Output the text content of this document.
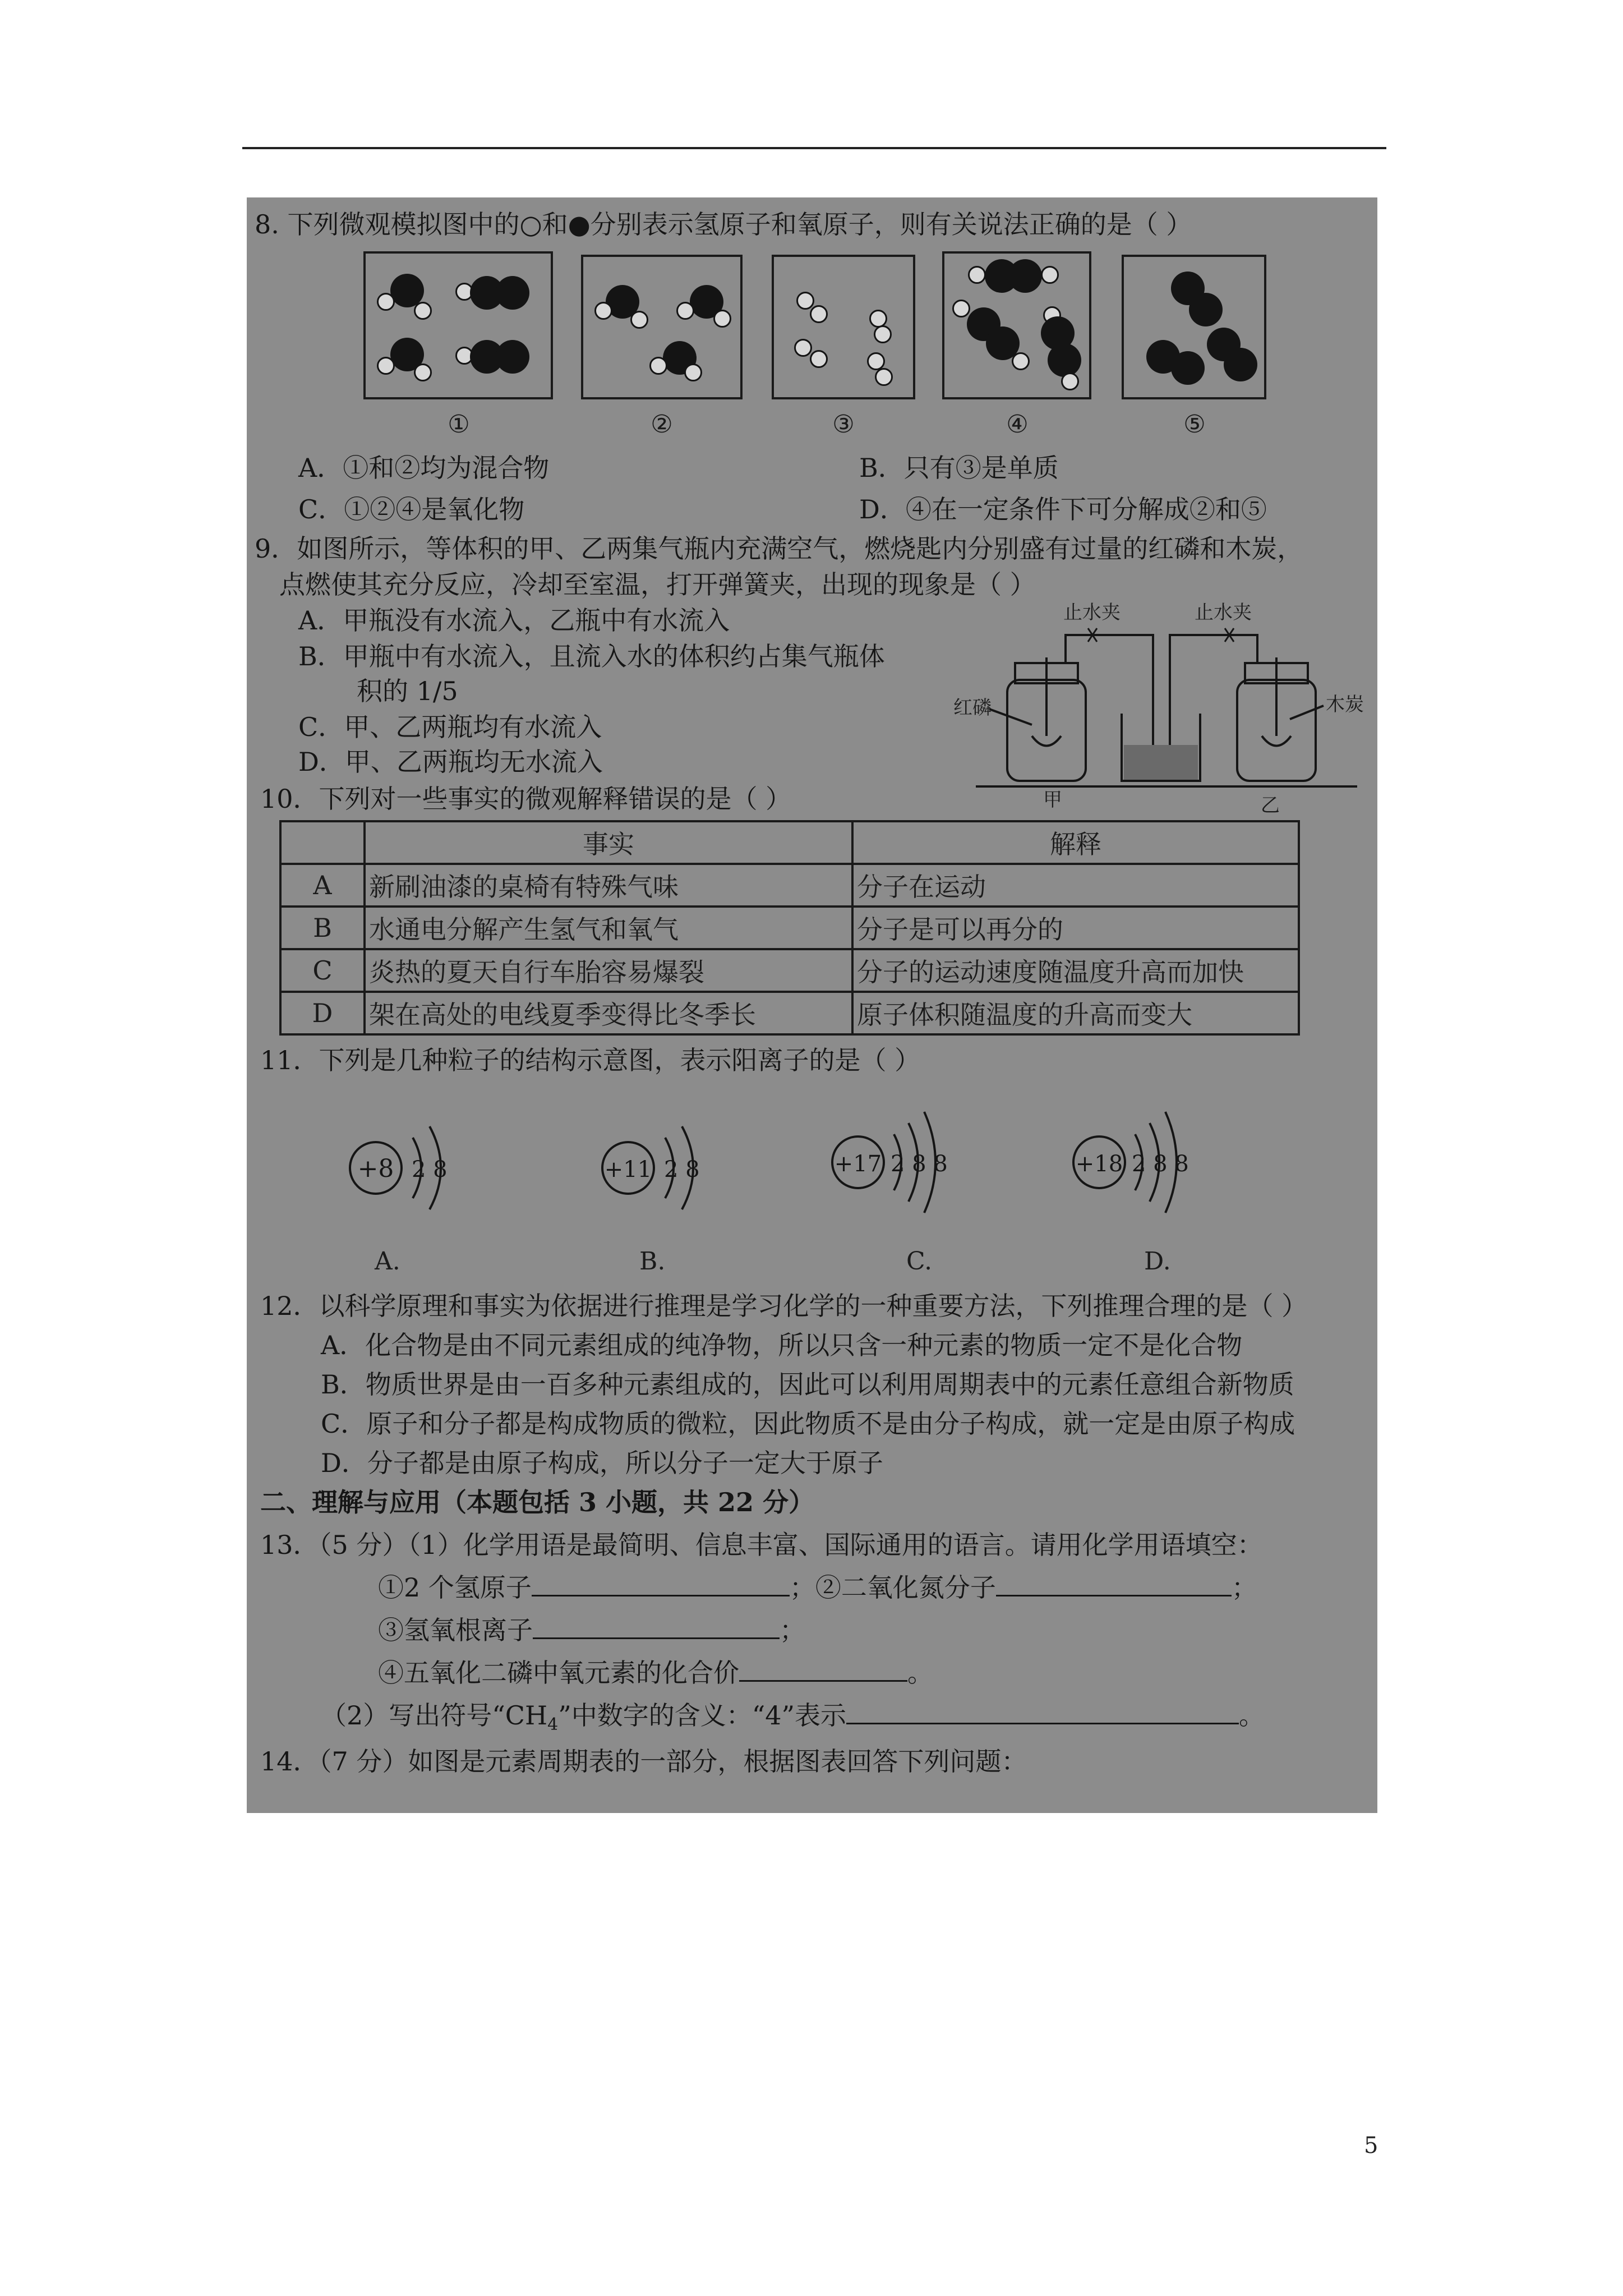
8. 下列微观模拟图中的○和●分别表示氢原子和氧原子，则有关说法正确的是（ ）
①	②	③	④	⑤
A．①和②均为混合物	B．只有③是单质
C．①②④是氧化物	D．④在一定条件下可分解成②和⑤
9．如图所示，等体积的甲、乙两集气瓶内充满空气，燃烧匙内分别盛有过量的红磷和木炭，
点燃使其充分反应，冷却至室温，打开弹簧夹，出现的现象是（ ）
A．甲瓶没有水流入，乙瓶中有水流入
B．甲瓶中有水流入，且流入水的体积约占集气瓶体
积的 1/5
C．甲、乙两瓶均有水流入
D．甲、乙两瓶均无水流入
止水夹	止水夹
红磷	木炭
甲	乙
10．下列对一些事实的微观解释错误的是（ ）
	事实	解释
A	新刷油漆的桌椅有特殊气味	分子在运动
B	水通电分解产生氢气和氧气	分子是可以再分的
C	炎热的夏天自行车胎容易爆裂	分子的运动速度随温度升高而加快
D	架在高处的电线夏季变得比冬季长	原子体积随温度的升高而变大
11．下列是几种粒子的结构示意图，表示阳离子的是（ ）
+8 2 8	+11 2 8	+17 2 8 8	+18 2 8 8
A.	B.	C.	D.
12．以科学原理和事实为依据进行推理是学习化学的一种重要方法，下列推理合理的是（ ）
A．化合物是由不同元素组成的纯净物，所以只含一种元素的物质一定不是化合物
B．物质世界是由一百多种元素组成的，因此可以利用周期表中的元素任意组合新物质
C．原子和分子都是构成物质的微粒，因此物质不是由分子构成，就一定是由原子构成
D．分子都是由原子构成，所以分子一定大于原子
二、理解与应用（本题包括 3 小题，共 22 分）
13．（5 分）（1）化学用语是最简明、信息丰富、国际通用的语言。请用化学用语填空：
①2 个氢原子	；②二氧化氮分子	；
③氢氧根离子	；
④五氧化二磷中氧元素的化合价	。
（2）写出符号“$CH_4$”中数字的含义：“4”表示	。
14．（7 分）如图是元素周期表的一部分，根据图表回答下列问题：
5
